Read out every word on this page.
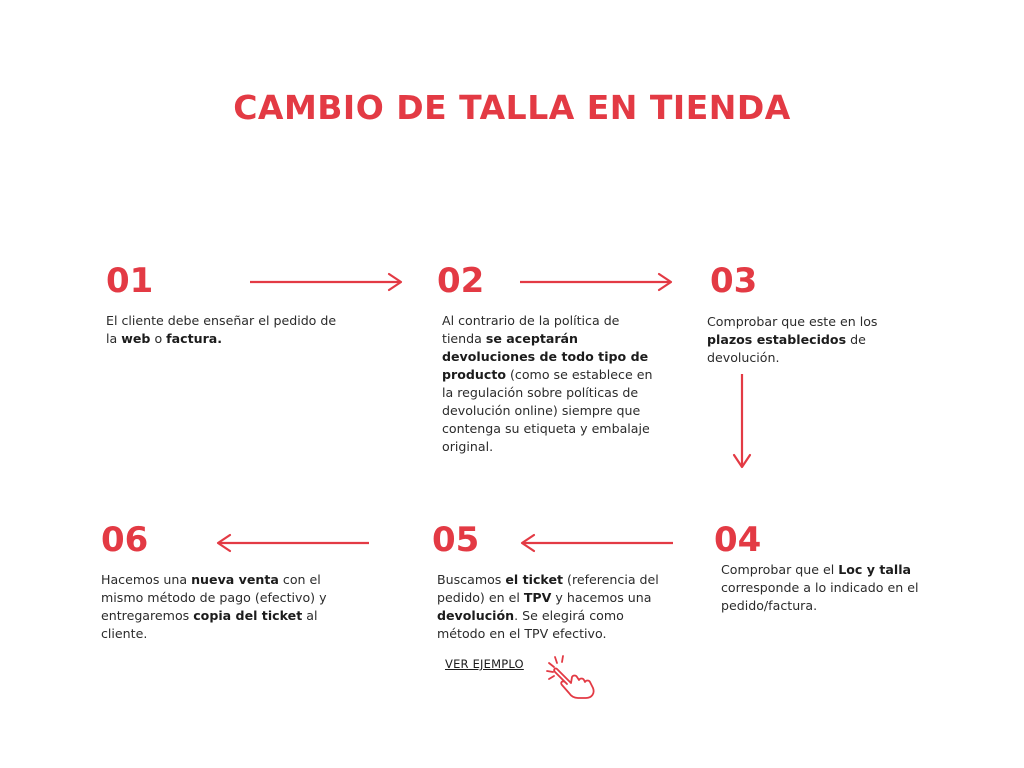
CAMBIO DE TALLA EN TIENDA
01

El cliente debe enseñar el pedido de la web o factura.

02

Al contrario de la política de tienda se aceptarán devoluciones de todo tipo de producto (como se establece en la regulación sobre políticas de devolución online) siempre que contenga su etiqueta y embalaje original.

03

Comprobar que este en los plazos establecidos de devolución.

04

Comprobar que el Loc y talla corresponde a lo indicado en el pedido/factura.

05

Buscamos el ticket (referencia del pedido) en el TPV y hacemos una devolución. Se elegirá como método en el TPV efectivo.

06

Hacemos una nueva venta con el mismo método de pago (efectivo) y entregaremos copia del ticket al cliente.

VER EJEMPLO
